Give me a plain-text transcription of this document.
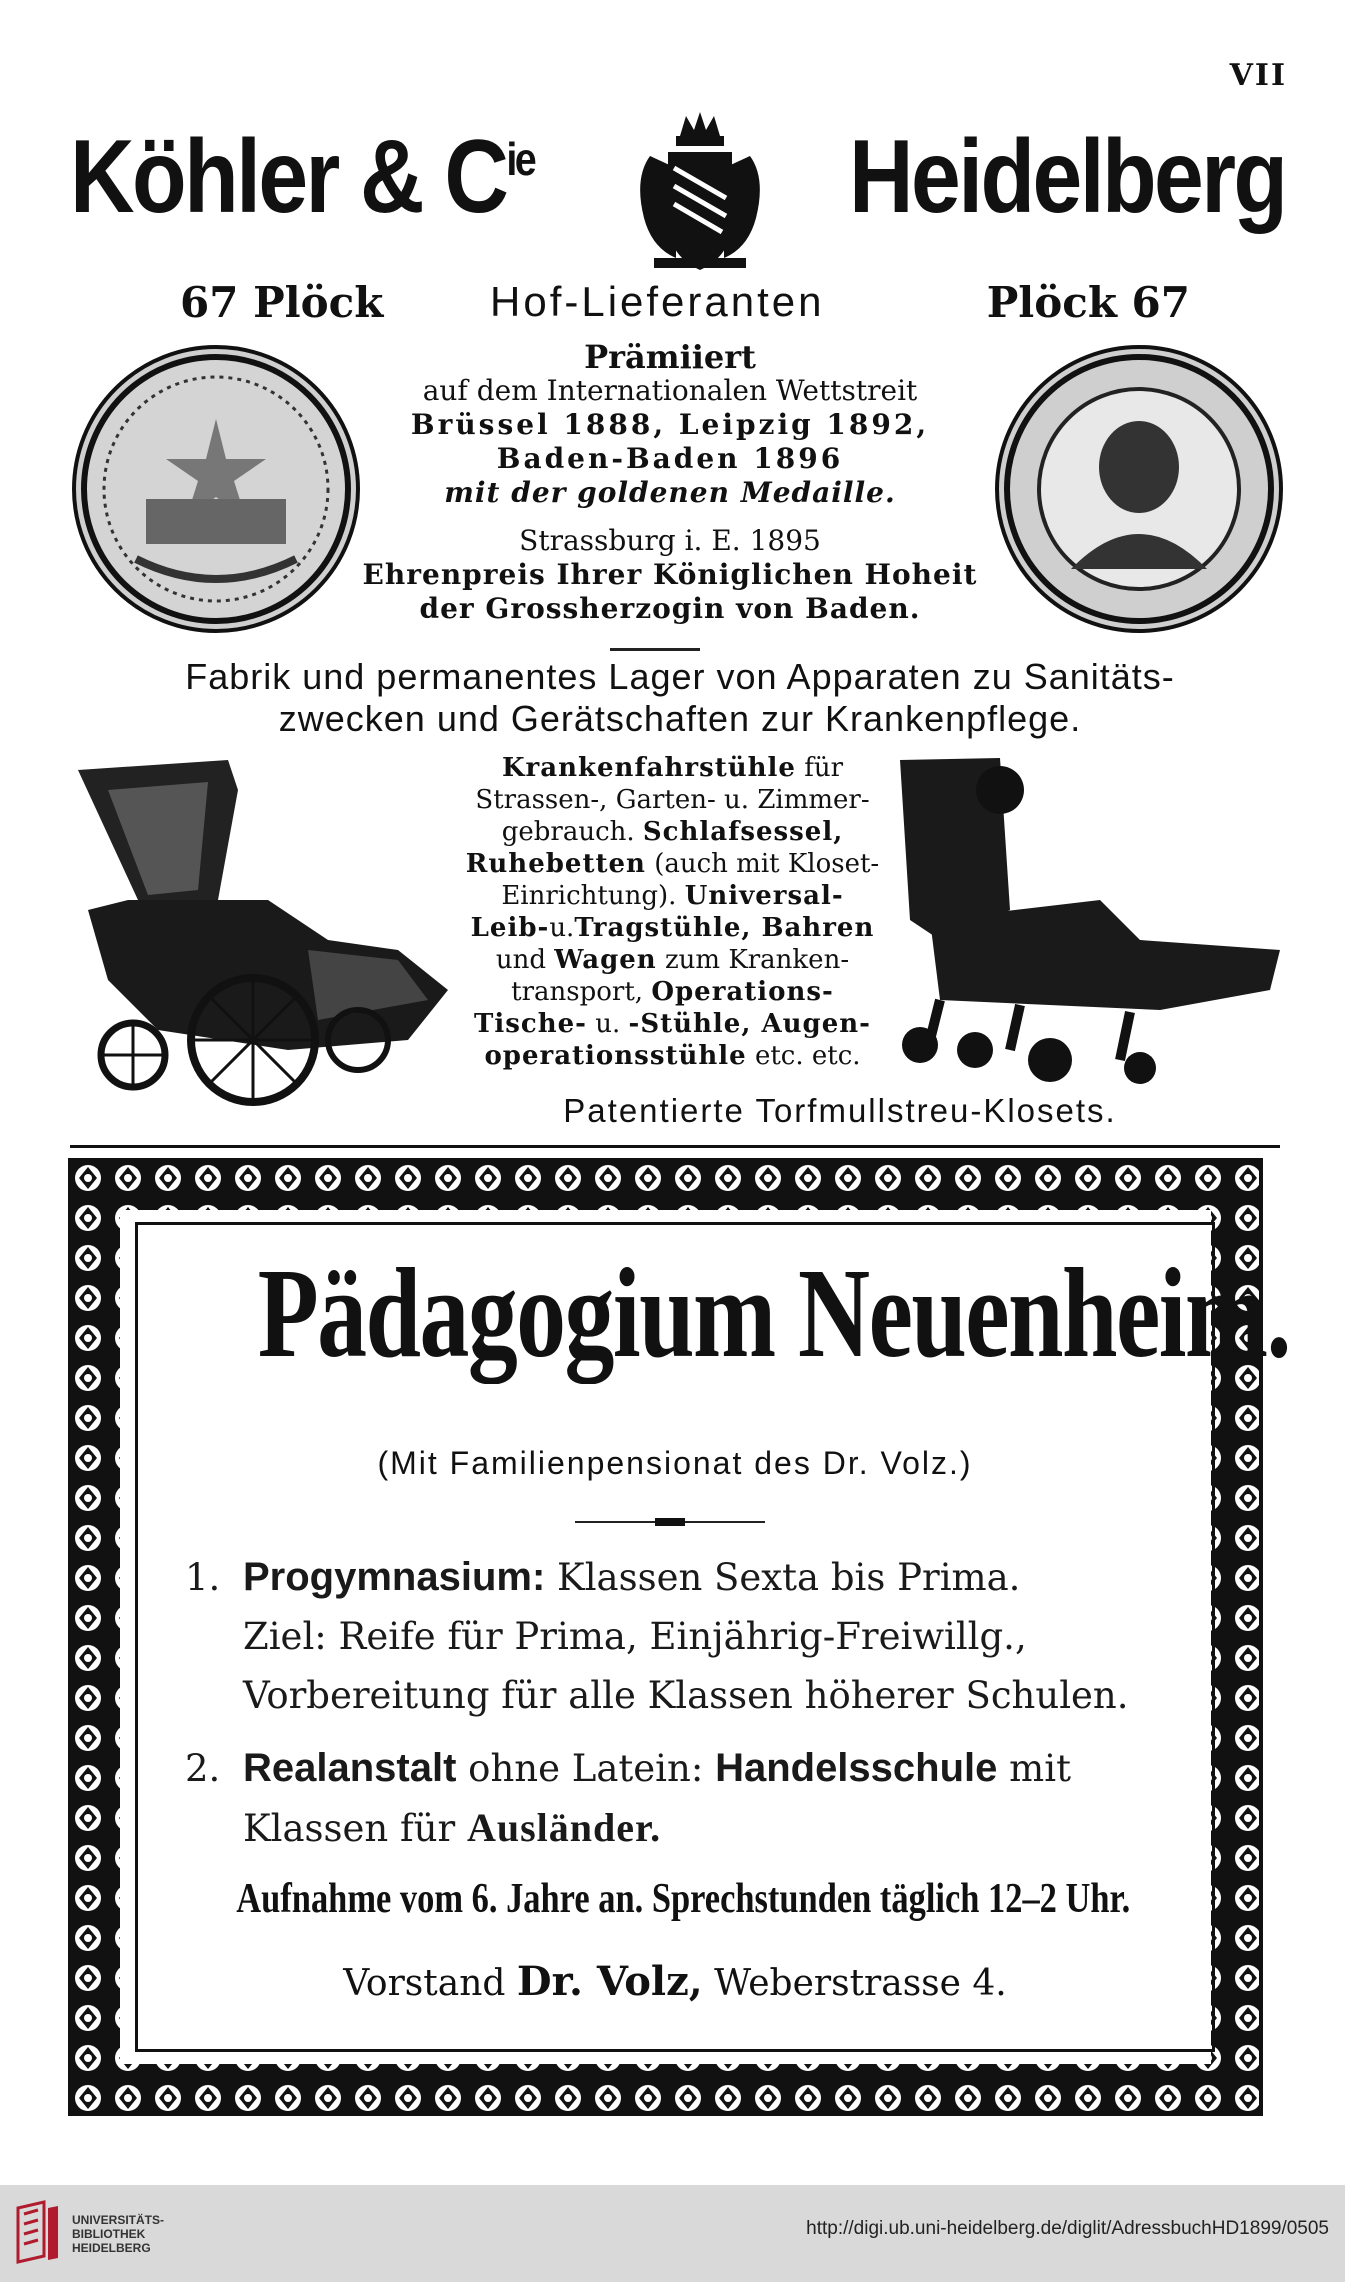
VII
Köhler & $C^{ie}$	Heidelberg
67 Plöck	Hof-Lieferanten	Plöck 67
Prämiiert
auf dem Internationalen Wettstreit
Brüssel 1888, Leipzig 1892,
Baden-Baden 1896
mit der goldenen Medaille.
Strassburg i. E. 1895
Ehrenpreis Ihrer Königlichen Hoheit
der Grossherzogin von Baden.
Fabrik und permanentes Lager von Apparaten zu Sanitäts-
zwecken und Gerätschaften zur Krankenpflege.
Krankenfahrstühle für
Strassen-, Garten- u. Zimmer-
gebrauch. Schlafsessel,
Ruhebetten (auch mit Kloset-
Einrichtung). Universal-
Leib-u.Tragstühle, Bahren
und Wagen zum Kranken-
transport, Operations-
Tische- u. -Stühle, Augen-
operationsstühle etc. etc.
Patentierte Torfmullstreu-Klosets.
Pädagogium Neuenheim.
(Mit Familienpensionat des Dr. Volz.)
1. Progymnasium: Klassen Sexta bis Prima.
Ziel: Reife für Prima, Einjährig-Freiwillg.,
Vorbereitung für alle Klassen höherer Schulen.
2. Realanstalt ohne Latein: Handelsschule mit
Klassen für Ausländer.
Aufnahme vom 6. Jahre an. Sprechstunden täglich 12–2 Uhr.
Vorstand Dr. Volz, Weberstrasse 4.
UNIVERSITÄTS-
BIBLIOTHEK
HEIDELBERG
http://digi.ub.uni-heidelberg.de/diglit/AdressbuchHD1899/0505
